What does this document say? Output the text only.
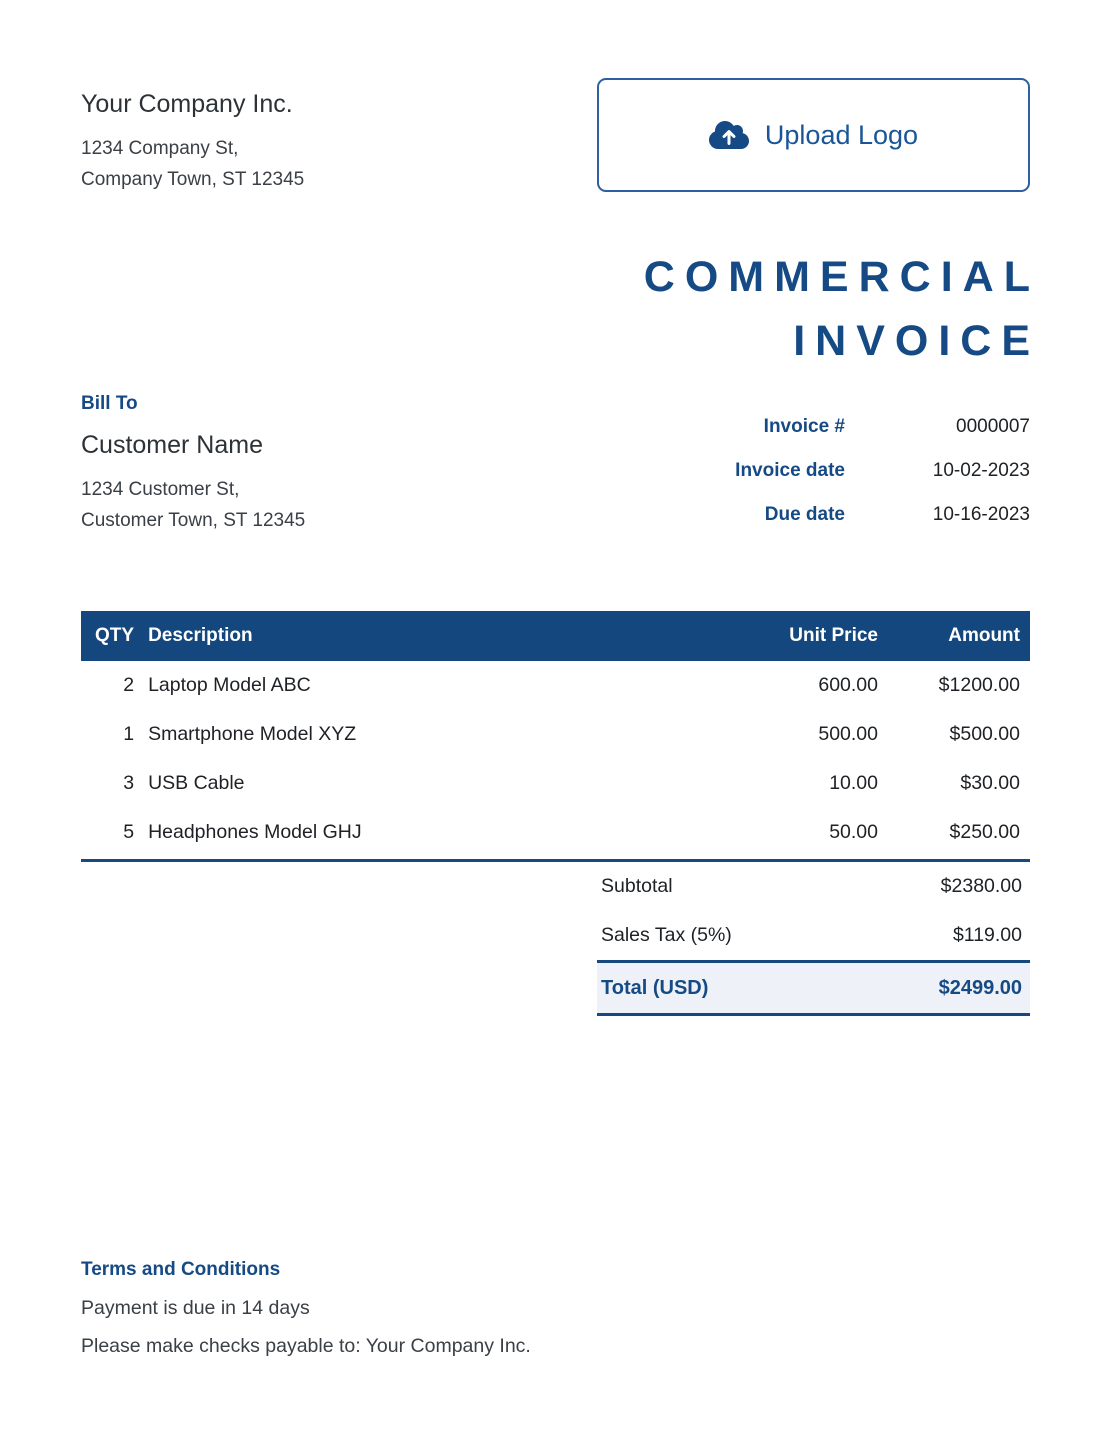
Your Company Inc.
1234 Company St,
Company Town, ST 12345
Upload Logo
COMMERCIAL
INVOICE
Bill To
Customer Name
1234 Customer St,
Customer Town, ST 12345
Invoice #	0000007
Invoice date	10-02-2023
Due date	10-16-2023
QTY	Description	Unit Price	Amount
2	Laptop Model ABC	600.00	$1200.00
1	Smartphone Model XYZ	500.00	$500.00
3	USB Cable	10.00	$30.00
5	Headphones Model GHJ	50.00	$250.00
Subtotal	$2380.00
Sales Tax (5%)	$119.00
Total (USD)	$2499.00
Terms and Conditions
Payment is due in 14 days
Please make checks payable to: Your Company Inc.
